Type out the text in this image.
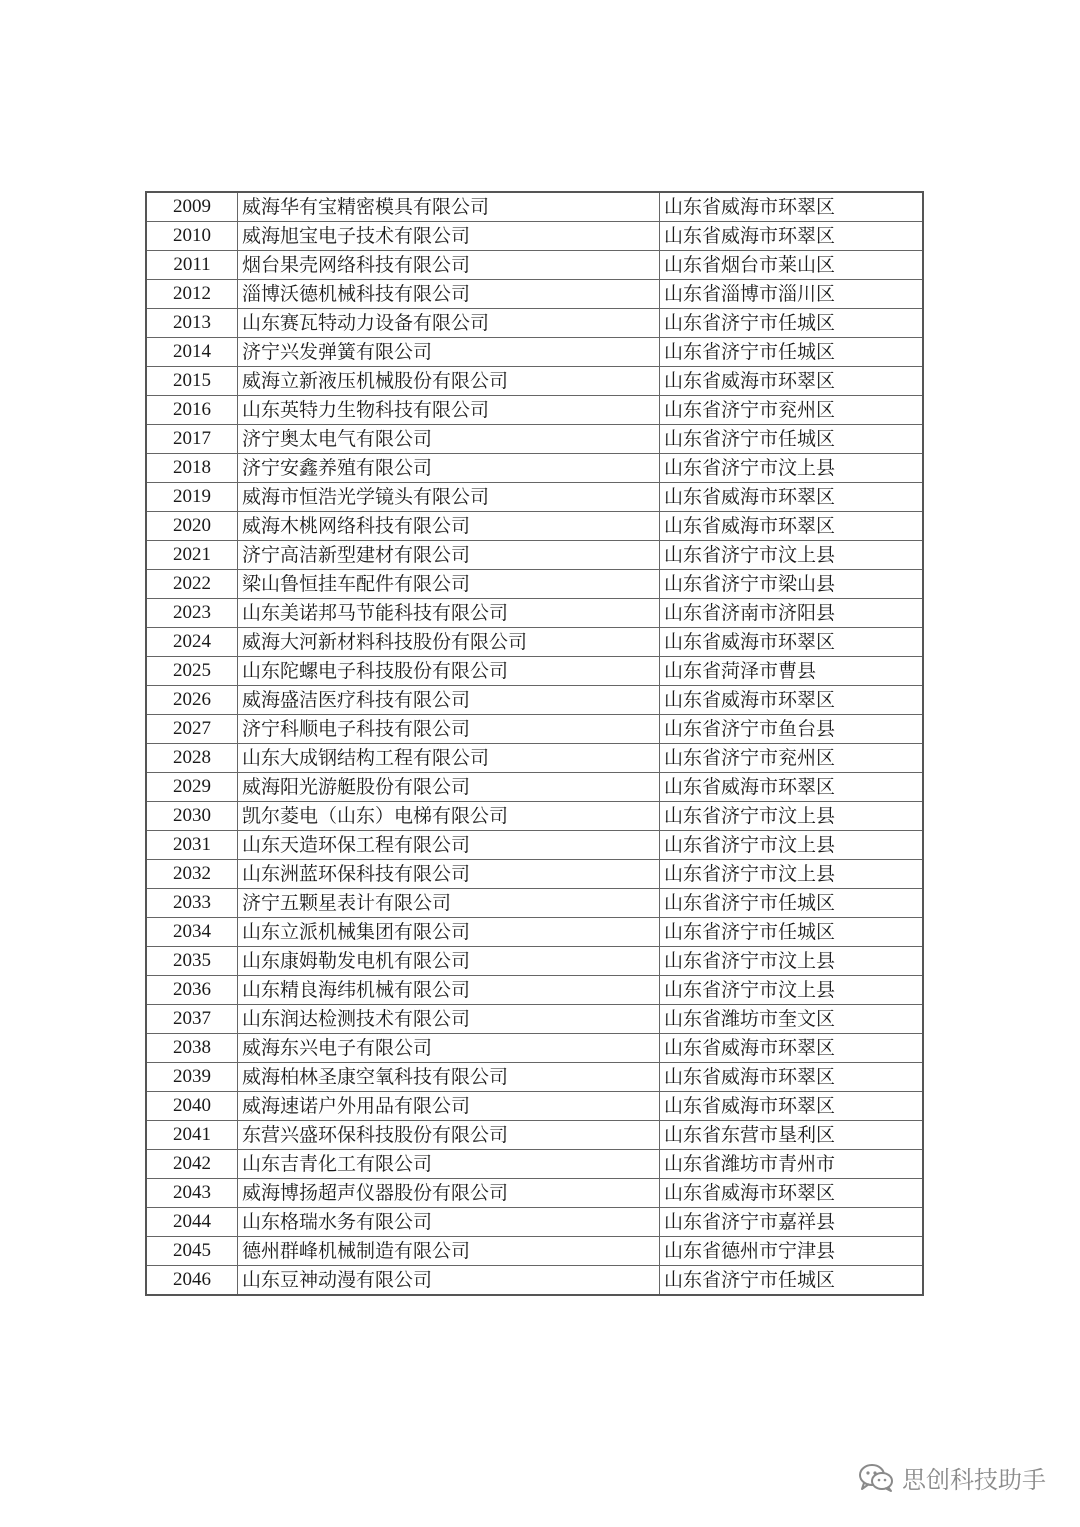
2009	威海华有宝精密模具有限公司	山东省威海市环翠区
2010	威海旭宝电子技术有限公司	山东省威海市环翠区
2011	烟台果壳网络科技有限公司	山东省烟台市莱山区
2012	淄博沃德机械科技有限公司	山东省淄博市淄川区
2013	山东赛瓦特动力设备有限公司	山东省济宁市任城区
2014	济宁兴发弹簧有限公司	山东省济宁市任城区
2015	威海立新液压机械股份有限公司	山东省威海市环翠区
2016	山东英特力生物科技有限公司	山东省济宁市兖州区
2017	济宁奥太电气有限公司	山东省济宁市任城区
2018	济宁安鑫养殖有限公司	山东省济宁市汶上县
2019	威海市恒浩光学镜头有限公司	山东省威海市环翠区
2020	威海木桃网络科技有限公司	山东省威海市环翠区
2021	济宁高洁新型建材有限公司	山东省济宁市汶上县
2022	梁山鲁恒挂车配件有限公司	山东省济宁市梁山县
2023	山东美诺邦马节能科技有限公司	山东省济南市济阳县
2024	威海大河新材料科技股份有限公司	山东省威海市环翠区
2025	山东陀螺电子科技股份有限公司	山东省菏泽市曹县
2026	威海盛洁医疗科技有限公司	山东省威海市环翠区
2027	济宁科顺电子科技有限公司	山东省济宁市鱼台县
2028	山东大成钢结构工程有限公司	山东省济宁市兖州区
2029	威海阳光游艇股份有限公司	山东省威海市环翠区
2030	凯尔菱电（山东）电梯有限公司	山东省济宁市汶上县
2031	山东天造环保工程有限公司	山东省济宁市汶上县
2032	山东洲蓝环保科技有限公司	山东省济宁市汶上县
2033	济宁五颗星表计有限公司	山东省济宁市任城区
2034	山东立派机械集团有限公司	山东省济宁市任城区
2035	山东康姆勒发电机有限公司	山东省济宁市汶上县
2036	山东精良海纬机械有限公司	山东省济宁市汶上县
2037	山东润达检测技术有限公司	山东省潍坊市奎文区
2038	威海东兴电子有限公司	山东省威海市环翠区
2039	威海柏林圣康空氧科技有限公司	山东省威海市环翠区
2040	威海速诺户外用品有限公司	山东省威海市环翠区
2041	东营兴盛环保科技股份有限公司	山东省东营市垦利区
2042	山东吉青化工有限公司	山东省潍坊市青州市
2043	威海博扬超声仪器股份有限公司	山东省威海市环翠区
2044	山东格瑞水务有限公司	山东省济宁市嘉祥县
2045	德州群峰机械制造有限公司	山东省德州市宁津县
2046	山东豆神动漫有限公司	山东省济宁市任城区
思创科技助手
